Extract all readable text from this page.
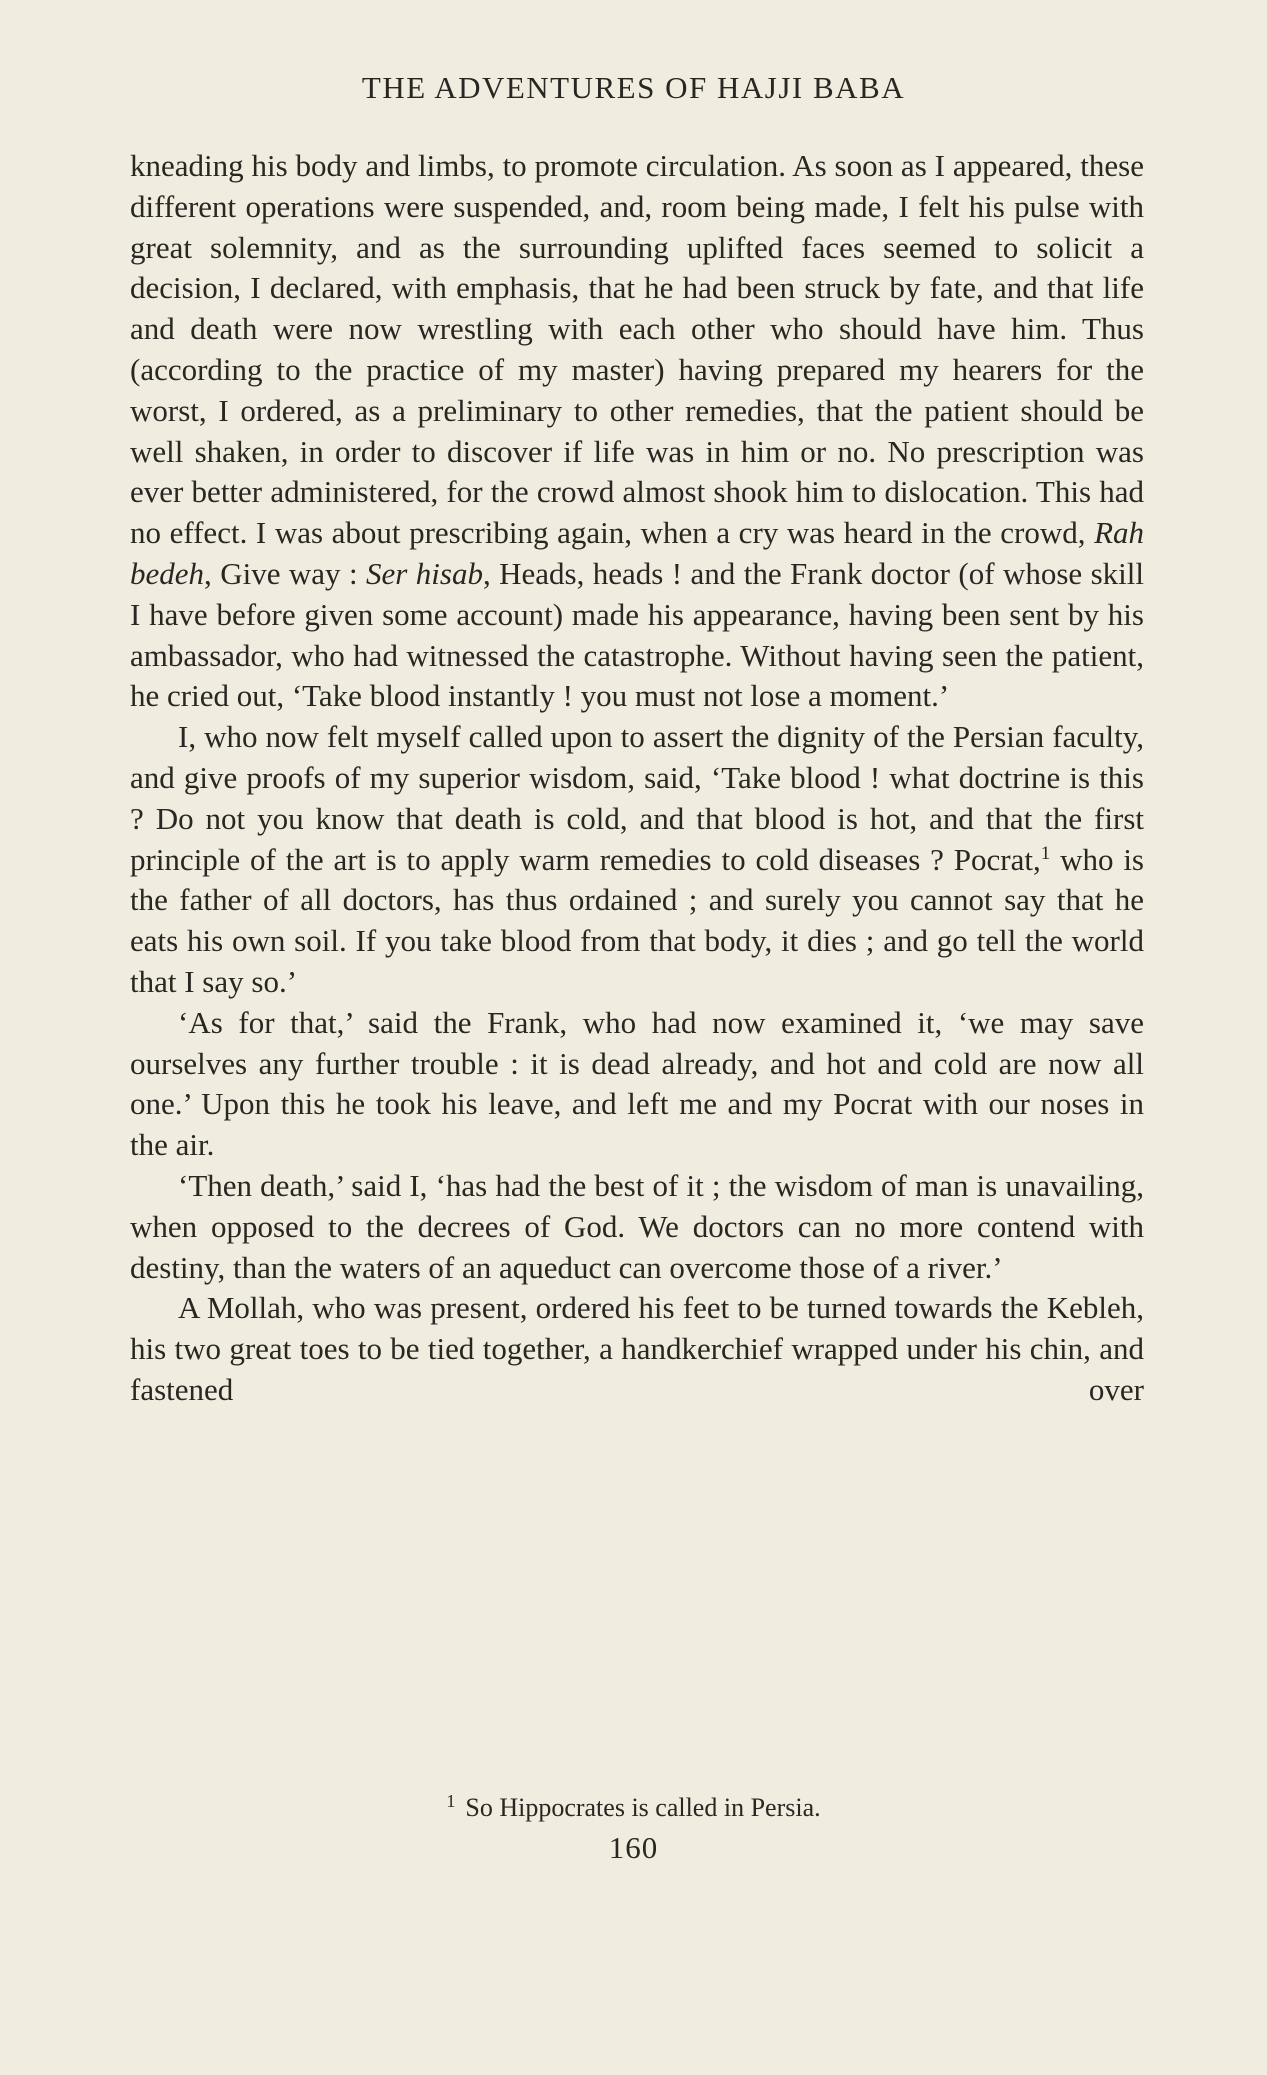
THE ADVENTURES OF HAJJI BABA

kneading his body and limbs, to promote circulation. As soon as I appeared, these different operations were suspended, and, room being made, I felt his pulse with great solemnity, and as the surrounding uplifted faces seemed to solicit a decision, I declared, with emphasis, that he had been struck by fate, and that life and death were now wrestling with each other who should have him. Thus (according to the practice of my master) having prepared my hearers for the worst, I ordered, as a preliminary to other remedies, that the patient should be well shaken, in order to discover if life was in him or no. No prescription was ever better administered, for the crowd almost shook him to dislocation. This had no effect. I was about prescribing again, when a cry was heard in the crowd, Rah bedeh, Give way : Ser hisab, Heads, heads ! and the Frank doctor (of whose skill I have before given some account) made his appearance, having been sent by his ambassador, who had witnessed the catastrophe. Without having seen the patient, he cried out, ‘Take blood instantly ! you must not lose a moment.’

I, who now felt myself called upon to assert the dignity of the Persian faculty, and give proofs of my superior wisdom, said, ‘Take blood ! what doctrine is this ? Do not you know that death is cold, and that blood is hot, and that the first principle of the art is to apply warm remedies to cold diseases ? Pocrat,$^1$ who is the father of all doctors, has thus ordained ; and surely you cannot say that he eats his own soil. If you take blood from that body, it dies ; and go tell the world that I say so.’

‘As for that,’ said the Frank, who had now examined it, ‘we may save ourselves any further trouble : it is dead already, and hot and cold are now all one.’ Upon this he took his leave, and left me and my Pocrat with our noses in the air.

‘Then death,’ said I, ‘has had the best of it ; the wisdom of man is unavailing, when opposed to the decrees of God. We doctors can no more contend with destiny, than the waters of an aqueduct can overcome those of a river.’

A Mollah, who was present, ordered his feet to be turned towards the Kebleh, his two great toes to be tied together, a handkerchief wrapped under his chin, and fastened over

$^1$ So Hippocrates is called in Persia.
160
